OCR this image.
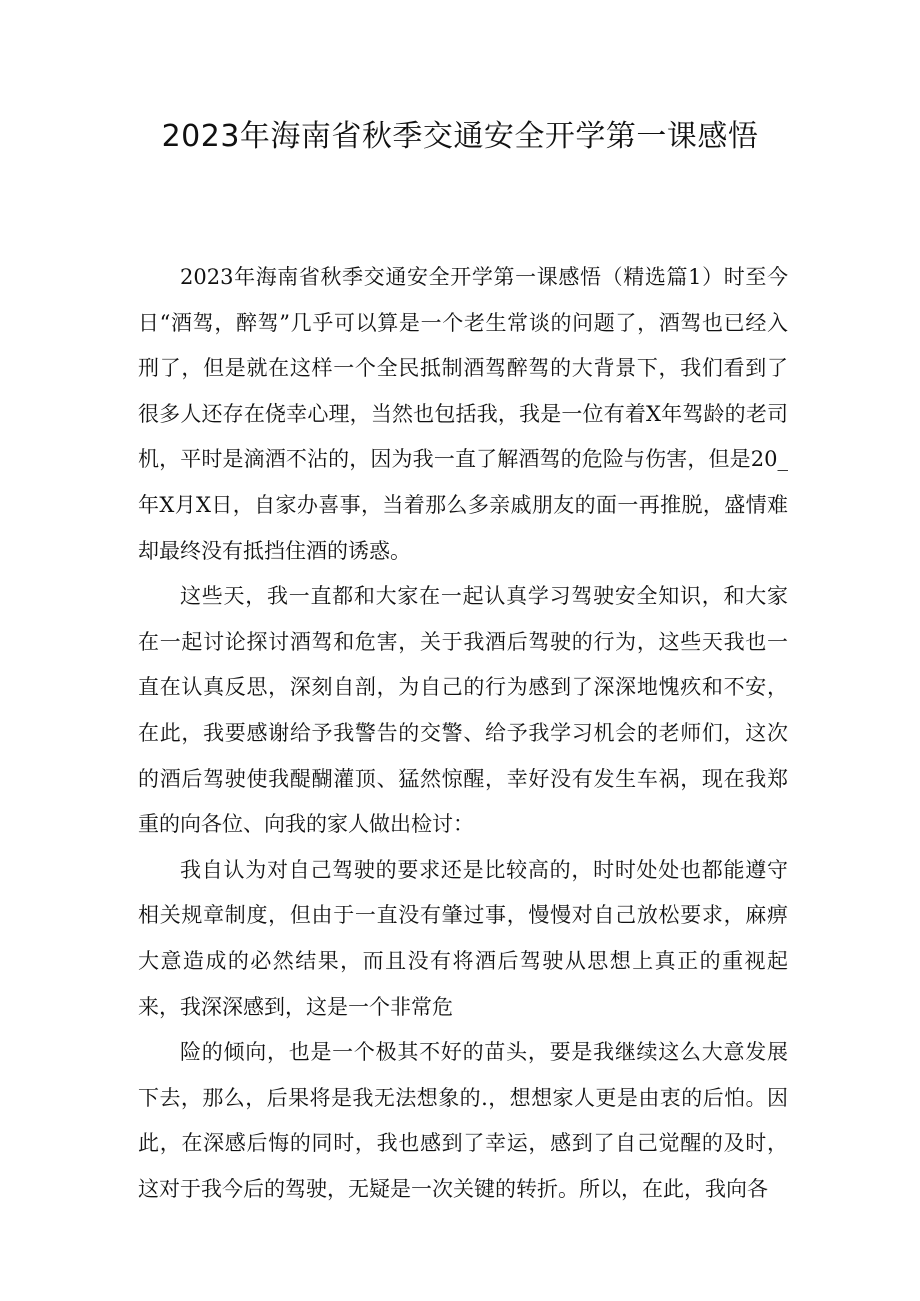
2023年海南省秋季交通安全开学第一课感悟

2023年海南省秋季交通安全开学第一课感悟（精选篇1）时至今日“酒驾，醉驾”几乎可以算是一个老生常谈的问题了，酒驾也已经入刑了，但是就在这样一个全民抵制酒驾醉驾的大背景下，我们看到了很多人还存在侥幸心理，当然也包括我，我是一位有着X年驾龄的老司机，平时是滴酒不沾的，因为我一直了解酒驾的危险与伤害，但是20_年X月X日，自家办喜事，当着那么多亲戚朋友的面一再推脱，盛情难却最终没有抵挡住酒的诱惑。

这些天，我一直都和大家在一起认真学习驾驶安全知识，和大家在一起讨论探讨酒驾和危害，关于我酒后驾驶的行为，这些天我也一直在认真反思，深刻自剖，为自己的行为感到了深深地愧疚和不安，在此，我要感谢给予我警告的交警、给予我学习机会的老师们，这次的酒后驾驶使我醍醐灌顶、猛然惊醒，幸好没有发生车祸，现在我郑重的向各位、向我的家人做出检讨：

我自认为对自己驾驶的要求还是比较高的，时时处处也都能遵守相关规章制度，但由于一直没有肇过事，慢慢对自己放松要求，麻痹大意造成的必然结果，而且没有将酒后驾驶从思想上真正的重视起来，我深深感到，这是一个非常危

险的倾向，也是一个极其不好的苗头，要是我继续这么大意发展下去，那么，后果将是我无法想象的.，想想家人更是由衷的后怕。因此，在深感后悔的同时，我也感到了幸运，感到了自己觉醒的及时，这对于我今后的驾驶，无疑是一次关键的转折。所以，在此，我向各
